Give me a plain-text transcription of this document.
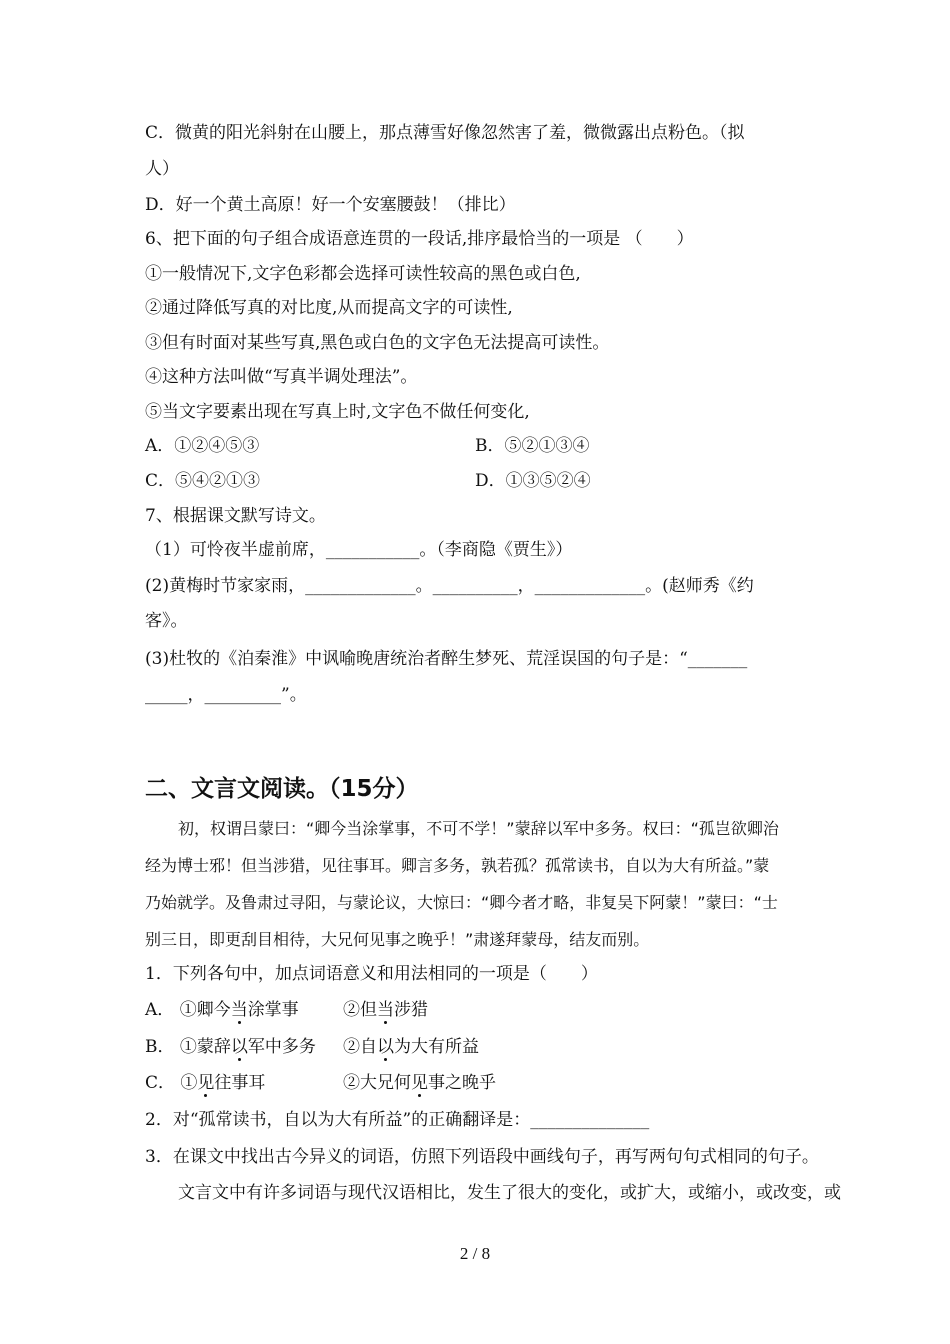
C．微黄的阳光斜射在山腰上，那点薄雪好像忽然害了羞，微微露出点粉色。（拟
人）
D．好一个黄土高原！好一个安塞腰鼓！（排比）
6、把下面的句子组合成语意连贯的一段话,排序最恰当的一项是 （　　）
①一般情况下,文字色彩都会选择可读性较高的黑色或白色,
②通过降低写真的对比度,从而提高文字的可读性,
③但有时面对某些写真,黑色或白色的文字色无法提高可读性。
④这种方法叫做“写真半调处理法”。
⑤当文字要素出现在写真上时,文字色不做任何变化,
A．①②④⑤③	B．⑤②①③④
C．⑤④②①③	D．①③⑤②④
7、根据课文默写诗文。
（1）可怜夜半虚前席，___________。（李商隐《贾生》）
(2)黄梅时节家家雨，_____________。__________，_____________。(赵师秀《约
客》。
(3)杜牧的《泊秦淮》中讽喻晚唐统治者醉生梦死、荒淫误国的句子是：“_______
_____，_________”。
二、文言文阅读。（15分）
初，权谓吕蒙曰：“卿今当涂掌事，不可不学！”蒙辞以军中多务。权曰：“孤岂欲卿治
经为博士邪！但当涉猎，见往事耳。卿言多务，孰若孤？孤常读书，自以为大有所益。”蒙
乃始就学。及鲁肃过寻阳，与蒙论议，大惊曰：“卿今者才略，非复吴下阿蒙！”蒙曰：“士
别三日，即更刮目相待，大兄何见事之晚乎！”肃遂拜蒙母，结友而别。
1．下列各句中，加点词语意义和用法相同的一项是（　　）
A． ①卿今当涂掌事	②但当涉猎
B． ①蒙辞以军中多务 ②自以为大有所益
C． ①见往事耳	②大兄何见事之晚乎
2．对“孤常读书，自以为大有所益”的正确翻译是：______________
3．在课文中找出古今异义的词语，仿照下列语段中画线句子，再写两句句式相同的句子。
文言文中有许多词语与现代汉语相比，发生了很大的变化，或扩大，或缩小，或改变，或
2 / 8
